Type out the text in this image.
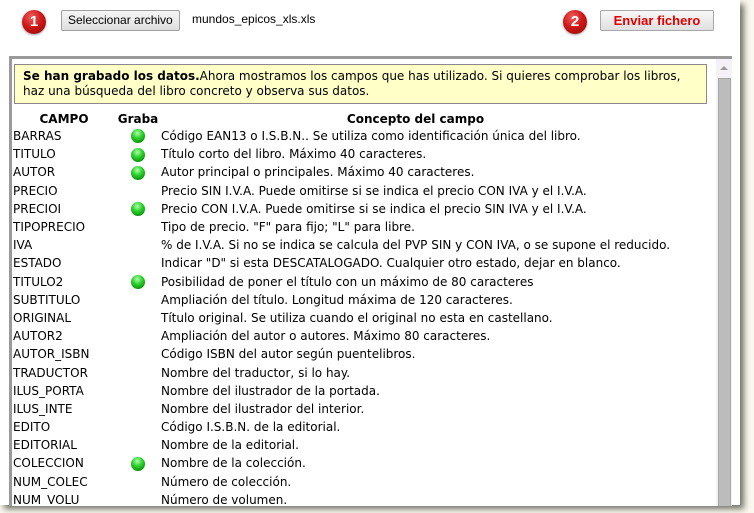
1	Seleccionar archivo	mundos_epicos_xls.xls	2	Enviar fichero
Se han grabado los datos.Ahora mostramos los campos que has utilizado. Si quieres comprobar los libros, haz una búsqueda del libro concreto y observa sus datos.
CAMPO	Graba	Concepto del campo
BARRAS		Código EAN13 o I.S.B.N.. Se utiliza como identificación única del libro.
TITULO		Título corto del libro. Máximo 40 caracteres.
AUTOR		Autor principal o principales. Máximo 40 caracteres.
PRECIO		Precio SIN I.V.A. Puede omitirse si se indica el precio CON IVA y el I.V.A.
PRECIOI		Precio CON I.V.A. Puede omitirse si se indica el precio SIN IVA y el I.V.A.
TIPOPRECIO		Tipo de precio. "F" para fijo; "L" para libre.
IVA		% de I.V.A. Si no se indica se calcula del PVP SIN y CON IVA, o se supone el reducido.
ESTADO		Indicar "D" si esta DESCATALOGADO. Cualquier otro estado, dejar en blanco.
TITULO2		Posibilidad de poner el título con un máximo de 80 caracteres
SUBTITULO		Ampliación del título. Longitud máxima de 120 caracteres.
ORIGINAL		Título original. Se utiliza cuando el original no esta en castellano.
AUTOR2		Ampliación del autor o autores. Máximo 80 caracteres.
AUTOR_ISBN		Código ISBN del autor según puentelibros.
TRADUCTOR		Nombre del traductor, si lo hay.
ILUS_PORTA		Nombre del ilustrador de la portada.
ILUS_INTE		Nombre del ilustrador del interior.
EDITO		Código I.S.B.N. de la editorial.
EDITORIAL		Nombre de la editorial.
COLECCION		Nombre de la colección.
NUM_COLEC		Número de colección.
NUM_VOLU		Número de volumen.
